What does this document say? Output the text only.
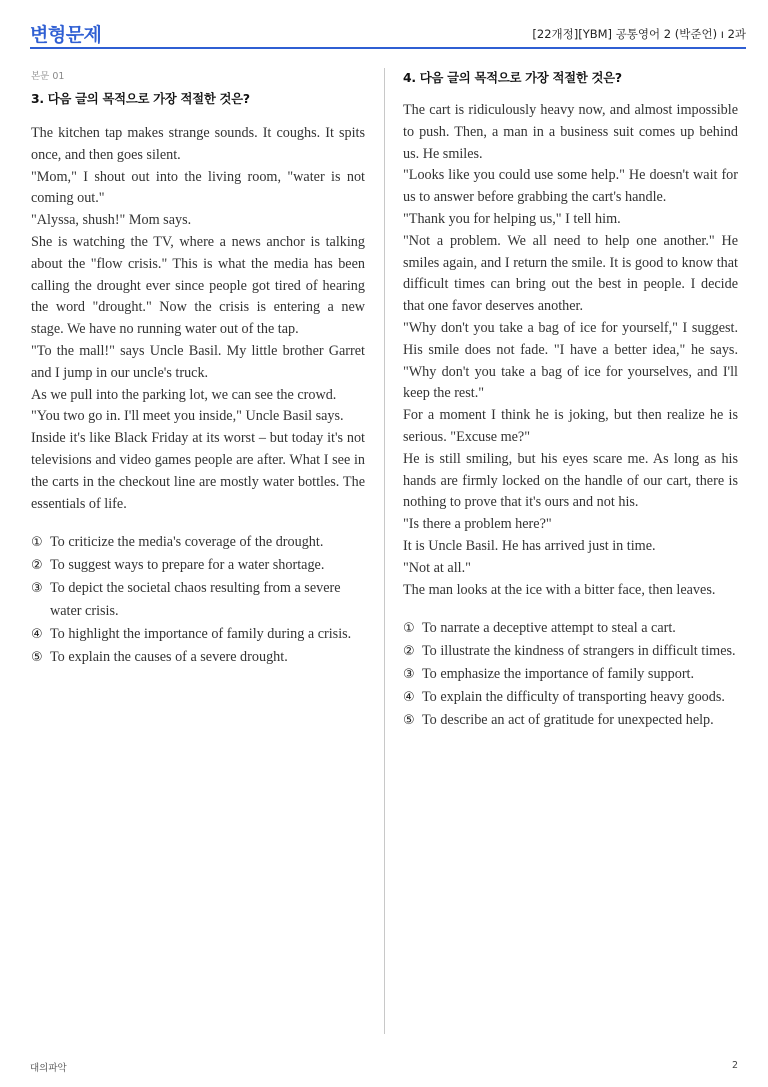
변형문제	[22개정][YBM] 공통영어 2 (박준언) ı 2과
본문 01
3. 다음 글의 목적으로 가장 적절한 것은?

The kitchen tap makes strange sounds. It coughs. It spits once, and then goes silent.

"Mom," I shout out into the living room, "water is not coming out."

"Alyssa, shush!" Mom says.

She is watching the TV, where a news anchor is talking about the "flow crisis." This is what the media has been calling the drought ever since people got tired of hearing the word "drought." Now the crisis is entering a new stage. We have no running water out of the tap.

"To the mall!" says Uncle Basil. My little brother Garret and I jump in our uncle's truck.

As we pull into the parking lot, we can see the crowd.

"You two go in. I'll meet you inside," Uncle Basil says.

Inside it's like Black Friday at its worst – but today it's not televisions and video games people are after. What I see in the carts in the checkout line are mostly water bottles. The essentials of life.

① To criticize the media's coverage of the drought.
② To suggest ways to prepare for a water shortage.
③ To depict the societal chaos resulting from a severe water crisis.
④ To highlight the importance of family during a crisis.
⑤ To explain the causes of a severe drought.
4. 다음 글의 목적으로 가장 적절한 것은?

The cart is ridiculously heavy now, and almost impossible to push. Then, a man in a business suit comes up behind us. He smiles.

"Looks like you could use some help." He doesn't wait for us to answer before grabbing the cart's handle.

"Thank you for helping us," I tell him.

"Not a problem. We all need to help one another." He smiles again, and I return the smile. It is good to know that difficult times can bring out the best in people. I decide that one favor deserves another.

"Why don't you take a bag of ice for yourself," I suggest. His smile does not fade. "I have a better idea," he says. "Why don't you take a bag of ice for yourselves, and I'll keep the rest."

For a moment I think he is joking, but then realize he is serious. "Excuse me?"

He is still smiling, but his eyes scare me. As long as his hands are firmly locked on the handle of our cart, there is nothing to prove that it's ours and not his.

"Is there a problem here?"

It is Uncle Basil. He has arrived just in time.

"Not at all."

The man looks at the ice with a bitter face, then leaves.

① To narrate a deceptive attempt to steal a cart.
② To illustrate the kindness of strangers in difficult times.
③ To emphasize the importance of family support.
④ To explain the difficulty of transporting heavy goods.
⑤ To describe an act of gratitude for unexpected help.
대의파악	2
